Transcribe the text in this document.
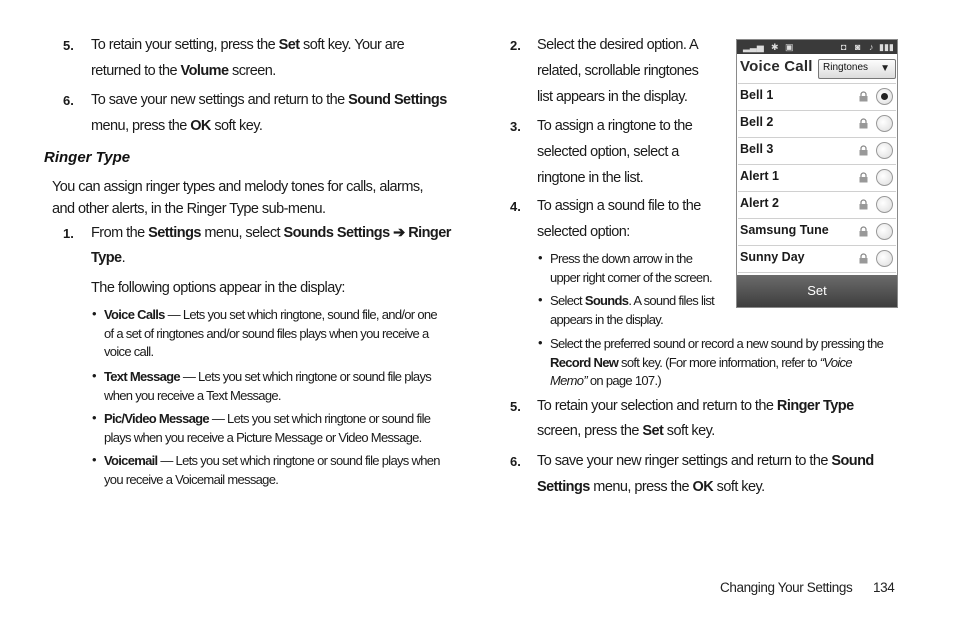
5. To retain your setting, press the Set soft key. Your are
returned to the Volume screen.
6. To save your new settings and return to the Sound Settings
menu, press the OK soft key.
Ringer Type
You can assign ringer types and melody tones for calls, alarms,
and other alerts, in the Ringer Type sub-menu.
1. From the Settings menu, select Sounds Settings ➔ Ringer
Type.
The following options appear in the display:
• Voice Calls — Lets you set which ringtone, sound file, and/or one
of a set of ringtones and/or sound files plays when you receive a
voice call.
• Text Message — Lets you set which ringtone or sound file plays
when you receive a Text Message.
• Pic/Video Message — Lets you set which ringtone or sound file
plays when you receive a Picture Message or Video Message.
• Voicemail — Lets you set which ringtone or sound file plays when
you receive a Voicemail message.
2. Select the desired option. A
related, scrollable ringtones
list appears in the display.
3. To assign a ringtone to the
selected option, select a
ringtone in the list.
4. To assign a sound file to the
selected option:
• Press the down arrow in the
upper right corner of the screen.
• Select Sounds. A sound files list
appears in the display.
• Select the preferred sound or record a new sound by pressing the
Record New soft key. (For more information, refer to “Voice
Memo” on page 107.)
5. To retain your selection and return to the Ringer Type
screen, press the Set soft key.
6. To save your new ringer settings and return to the Sound
Settings menu, press the OK soft key.
▂▃▅ ✱ ▣	◘ ◙ ♪ ▮▮▮
Voice Call Ringtones ▼
Bell 1
Bell 2
Bell 3
Alert 1
Alert 2
Samsung Tune
Sunny Day
Set
Changing Your Settings 134
